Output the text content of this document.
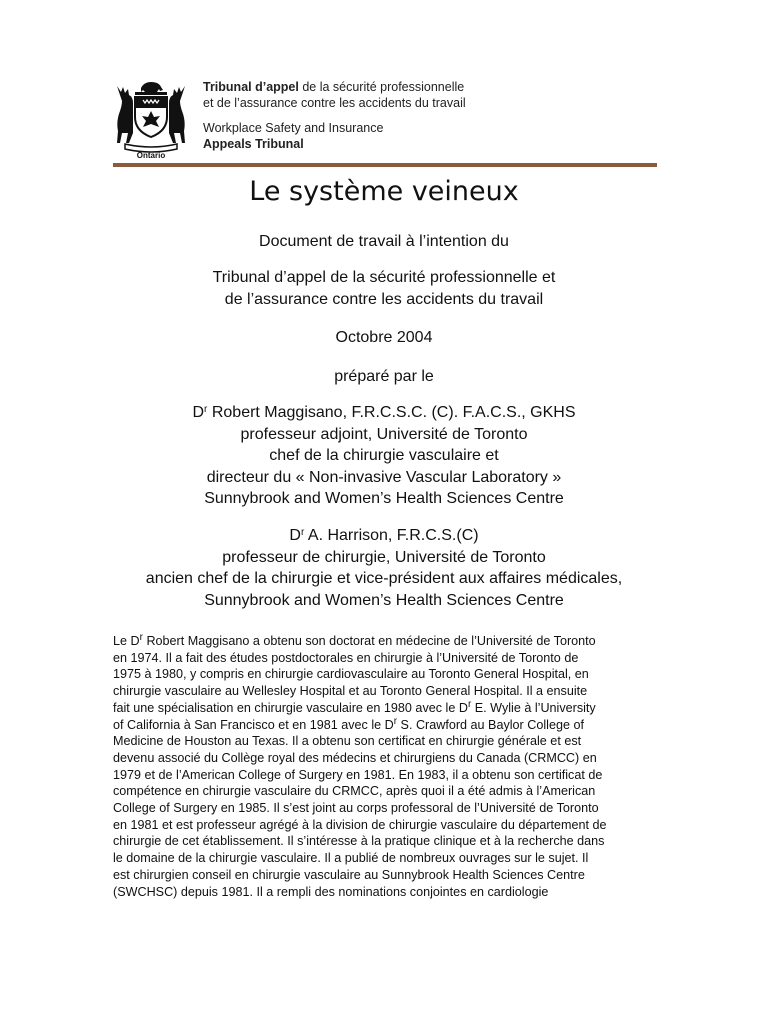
Ontario
Tribunal d’appel de la sécurité professionnelle
et de l’assurance contre les accidents du travail
Workplace Safety and Insurance
Appeals Tribunal
Le système veineux
Document de travail à l’intention du
Tribunal d’appel de la sécurité professionnelle et
de l’assurance contre les accidents du travail
Octobre 2004
préparé par le
$D^r$ Robert Maggisano, F.R.C.S.C. (C). F.A.C.S., GKHS
professeur adjoint, Université de Toronto
chef de la chirurgie vasculaire et
directeur du « Non-invasive Vascular Laboratory »
Sunnybrook and Women’s Health Sciences Centre
$D^r$ A. Harrison, F.R.C.S.(C)
professeur de chirurgie, Université de Toronto
ancien chef de la chirurgie et vice-président aux affaires médicales,
Sunnybrook and Women’s Health Sciences Centre
Le $D^r$ Robert Maggisano a obtenu son doctorat en médecine de l’Université de Toronto
en 1974. Il a fait des études postdoctorales en chirurgie à l’Université de Toronto de
1975 à 1980, y compris en chirurgie cardiovasculaire au Toronto General Hospital, en
chirurgie vasculaire au Wellesley Hospital et au Toronto General Hospital. Il a ensuite
fait une spécialisation en chirurgie vasculaire en 1980 avec le $D^r$ E. Wylie à l’University
of California à San Francisco et en 1981 avec le $D^r$ S. Crawford au Baylor College of
Medicine de Houston au Texas. Il a obtenu son certificat en chirurgie générale et est
devenu associé du Collège royal des médecins et chirurgiens du Canada (CRMCC) en
1979 et de l’American College of Surgery en 1981. En 1983, il a obtenu son certificat de
compétence en chirurgie vasculaire du CRMCC, après quoi il a été admis à l’American
College of Surgery en 1985. Il s’est joint au corps professoral de l’Université de Toronto
en 1981 et est professeur agrégé à la division de chirurgie vasculaire du département de
chirurgie de cet établissement. Il s’intéresse à la pratique clinique et à la recherche dans
le domaine de la chirurgie vasculaire. Il a publié de nombreux ouvrages sur le sujet. Il
est chirurgien conseil en chirurgie vasculaire au Sunnybrook Health Sciences Centre
(SWCHSC) depuis 1981. Il a rempli des nominations conjointes en cardiologie
